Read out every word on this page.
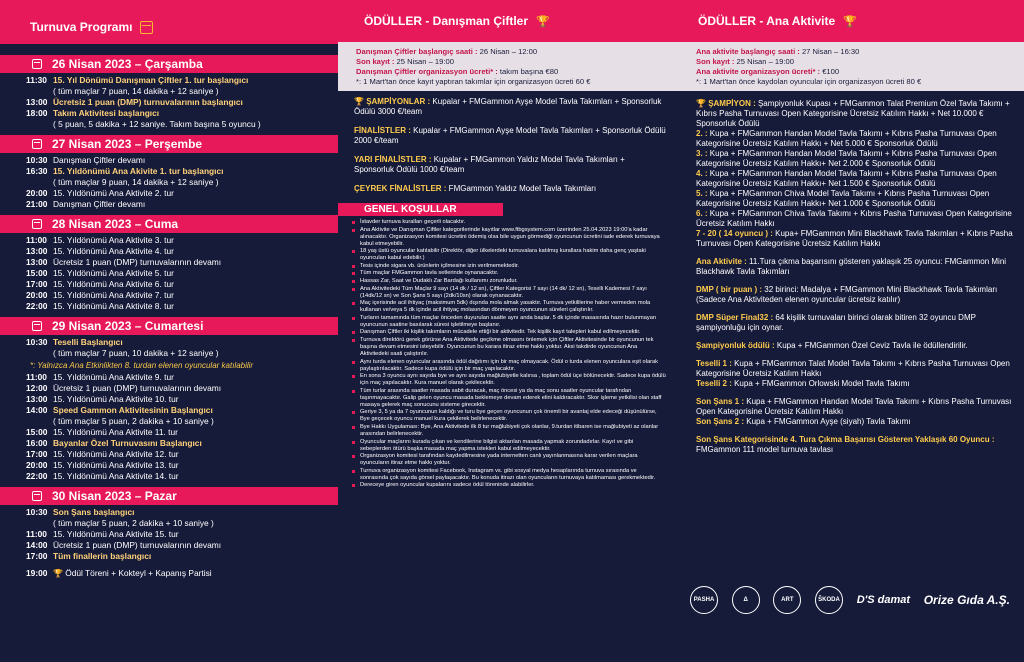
Turnuva Programı
26 Nisan 2023 – Çarşamba
11:30 15. Yıl Dönümü Danışman Çiftler 1. tur başlangıcı
( tüm maçlar 7 puan, 14 dakika + 12 saniye )
13:00 Ücretsiz 1 puan (DMP) turnuvalarının başlangıcı
18:00 Takım Aktivitesi başlangıcı
( 5 puan, 5 dakika + 12 saniye. Takım başına 5 oyuncu )
27 Nisan 2023 – Perşembe
10:30 Danışman Çiftler devamı
16:30 15. Yıldönümü Ana Akivite 1. tur başlangıcı
( tüm maçlar 9 puan, 14 dakika + 12 saniye )
20:00 15. Yıldönümü Ana Aktivite 2. tur
21:00 Danışman Çiftler devamı
28 Nisan 2023 – Cuma
11:00 15. Yıldönümü Ana Aktivite 3. tur
13:00 15. Yıldönümü Ana Aktivite 4. tur
13:00 Ücretsiz 1 puan (DMP) turnuvalarının devamı
15:00 15. Yıldönümü Ana Aktivite 5. tur
17:00 15. Yıldönümü Ana Aktivite 6. tur
20:00 15. Yıldönümü Ana Aktivite 7. tur
22:00 15. Yıldönümü Ana Aktivite 8. tur
29 Nisan 2023 – Cumartesi
10:30 Teselli Başlangıcı
( tüm maçlar 7 puan, 10 dakika + 12 saniye )
*: Yalnızca Ana Etkinlikten 8. turdan elenen oyuncular katılabilir
11:00 15. Yıldönümü Ana Aktivite 9. tur
12:00 Ücretsiz 1 puan (DMP) turnuvalarının devamı
13:00 15. Yıldönümü Ana Aktivite 10. tur
14:00 Speed Gammon Aktivitesinin Başlangıcı
( tüm maçlar 5 puan, 2 dakika + 10 saniye )
15:00 15. Yıldönümü Ana Aktivite 11. tur
16:00 Bayanlar Özel Turnuvasını Başlangıcı
17:00 15. Yıldönümü Ana Aktivite 12. tur
20:00 15. Yıldönümü Ana Aktivite 13. tur
22:00 15. Yıldönümü Ana Aktivite 14. tur
30 Nisan 2023 – Pazar
10:30 Son Şans başlangıcı
( tüm maçlar 5 puan, 2 dakika + 10 saniye )
11:00 15. Yıldönümü Ana Aktivite 15. tur
14:00 Ücretsiz 1 puan (DMP) turnuvalarının devamı
17:00 Tüm finallerin başlangıcı
19:00 🏆 Ödül Töreni + Kokteyl + Kapanış Partisi
ÖDÜLLER - Danışman Çiftler 🏆
Danışman Çiftler başlangıç saati : 26 Nisan – 12:00
Son kayıt : 25 Nisan – 19:00
Danışman Çiftler organizasyon ücreti* : takım başına €80
*: 1 Mart'tan önce kayıt yaptıran takımlar için organizasyon ücreti 60 €
🏆 ŞAMPİYONLAR : Kupalar + FMGammon Ayşe Model Tavla Takımları + Sponsorluk Ödülü 3000 €/team
FİNALİSTLER : Kupalar + FMGammon Ayşe Model Tavla Takımları + Sponsorluk Ödülü 2000 €/team
YARI FİNALİSTLER : Kupalar + FMGammon Yaldız Model Tavla Takımları + Sponsorluk Ödülü 1000 €/team
ÇEYREK FİNALİSTLER : FMGammon Yaldız Model Tavla Takımları
GENEL KOŞULLAR
İstavder turnuva kuralları geçerli olacaktır.
Ana Aktivite ve Danışman Çiftler kategorilerinde kayıtlar www.ftbgsystem.com üzerinden 25.04.2023 19:00'a kadar alınacaktır. Organizasyon komitesi ücretini ödemiş olsa bile uygun görmediği oyuncunun ücretini iade ederek turnuvaya kabul etmeyebilir.
18 yaş üstü oyuncular katılabilir (Direktör, diğer ülkelerdeki turnuvalara katılmış kurallara hakim daha genç yaştaki oyuncuları kabul edebilir.)
Tesis içinde sigara vb. ürünlerin içilmesine izin verilmemektedir.
Tüm maçlar FMGammon tavla setlerinde oynanacaktır.
Hassas Zar, Saat ve Dudaklı Zar Bardağı kullanımı zorunludur.
Ana Aktivitedeki Tüm Maçlar 9 sayı (14 dk / 12 sn), Çiftler Kategorisi 7 sayı (14 dk/ 12 sn), Teselli Kademesi 7 sayı (14dk/12 sn) ve Son Şans 5 sayı (2dk/10sn) olarak oynanacaktır.
Maç içerisinde acil ihtiyaç (maksimum 5dk) dışında mola almak yasaktır. Turnuva yetkililerine haber vermeden mola kullanan ve/veya 5 dk içinde acil ihtiyaç molasından dönmeyen oyuncunun süreleri çalıştırılır.
Turların tamamında tüm maçlar önceden duyurulan saatte aynı anda başlar. 5 dk içinde masasında hazır bulunmayan oyuncunun saatine basılarak süresi işletilmeye başlanır.
Danışman Çiftler iki kişilik takımların mücadele ettiği bir aktivitedir. Tek kişilik kayıt talepleri kabul edilmeyecektir.
Turnuva direktörü gerek görürse Ana Aktivitede geçikme olmasını önlemek için Çiftler Aktivitesinde bir oyuncunun tek başına devam etmesini isteyebilir. Oyuncunun bu karara itiraz etme hakkı yoktur. Aksi takdirde oyuncunun Ana Aktivitedeki saati çalıştırılır.
Aynı turda elenen oyuncular arasında ödül dağıtımı için bir maç olmayacak. Ödül o turda elenen oyunculara eşit olarak paylaştırılacaktır. Sadece kupa ödülü için bir maç yapılacaktır.
En sona 3 oyuncu aynı sayıda bye ve aynı sayıda mağlubiyetle kalırsa , toplam ödül üçe bölünecektir. Sadece kupa ödülü için maç yapılacaktır. Kura manuel olarak çekilecektir.
Tüm turlar arasında saatler masada sabit duracak, maç öncesi ya da maç sonu saatler oyuncular tarafından taşınmayacaktır. Galip gelen oyuncu masada beklemeye devam ederek elini kaldıracaktır. Skor işleme yetkilisi olan staff masaya gelerek maç sonucunu sisteme girecektir.
Geriye 3, 5 ya da 7 oyuncunun kaldığı ve turu bye geçen oyuncunun çok önemli bir avantaj elde edeceği düşünülürse, Bye geçecek oyuncu manuel kura çekilerek belirlenecektir.
Bye Hakkı Uygulaması: Bye, Ana Aktivitede ilk 8 tur mağlubiyeti çok olanlar, 9.turdan itibaren ise mağlubiyeti az olanlar arasından belirlenecektir.
Oyuncular maçlarını kurada çıkan ve kendilerine bilgisi aktarılan masada yapmak zorundadırlar. Kayıt ve gibi sebeplerden ötürü başka masada maç yapma istekleri kabul edilmeyecektir.
Organizasyon komitesi tarafından kaydedilmesine yada internetten canlı yayınlanmasına karar verilen maçlara oyuncuların itiraz etme hakkı yoktur.
Turnuva organizasyon komitesi Facebook, Instagram vs. gibi sosyal medya hesaplarında turnuva sırasında ve sonrasında çok sayıda görsel paylaşacaktır. Bu konuda itirazı olan oyuncuların turnuvaya katılmaması gerekmektedir.
Dereceye giren oyuncular kupalarını sadece ödül töreninde alabilirler.
ÖDÜLLER - Ana Aktivite 🏆
Ana aktivite başlangıç saati : 27 Nisan – 16:30
Son kayıt : 25 Nisan – 19:00
Ana aktivite organizasyon ücreti* : €100
*: 1 Mart'tan önce kaydolan oyuncular için organizasyon ücreti 80 €
🏆 ŞAMPİYON : Şampiyonluk Kupası + FMGammon Talat Premium Özel Tavla Takımı + Kıbrıs Pasha Turnuvası Open Kategorisine Ücretsiz Katılım Hakkı + Net 10.000 € Sponsorluk Ödülü
2. : Kupa + FMGammon Handan Model Tavla Takımı + Kıbrıs Pasha Turnuvası Open Kategorisine Ücretsiz Katılım Hakkı + Net 5.000 € Sponsorluk Ödülü
3. : Kupa + FMGammon Handan Model Tavla Takımı + Kıbrıs Pasha Turnuvası Open Kategorisine Ücretsiz Katılım Hakkı+ Net 2.000 € Sponsorluk Ödülü
4. : Kupa + FMGammon Handan Model Tavla Takımı + Kıbrıs Pasha Turnuvası Open Kategorisine Ücretsiz Katılım Hakkı+ Net 1.500 € Sponsorluk Ödülü
5. : Kupa + FMGammon Chiva Model Tavla Takımı + Kıbrıs Pasha Turnuvası Open Kategorisine Ücretsiz Katılım Hakkı+ Net 1.000 € Sponsorluk Ödülü
6. : Kupa + FMGammon Chiva Tavla Takımı + Kıbrıs Pasha Turnuvası Open Kategorisine Ücretsiz Katılım Hakkı
7 - 20 ( 14 oyuncu ) : Kupa+ FMGammon Mini Blackhawk Tavla Takımları + Kıbrıs Pasha Turnuvası Open Kategorisine Ücretsiz Katılım Hakkı

Ana Aktivite : 11.Tura çıkma başarısını gösteren yaklaşık 25 oyuncu: FMGammon Mini Blackhawk Tavla Takımları

DMP ( bir puan ) : 32 birinci: Madalya + FMGammon Mini Blackhawk Tavla Takımları (Sadece Ana Aktiviteden elenen oyuncular ücretsiz katılır)

DMP Süper Final32 : 64 kişilik turnuvaları birinci olarak bitiren 32 oyuncu DMP şampiyonluğu için oynar.

Şampiyonluk ödülü : Kupa + FMGammon Özel Ceviz Tavla ile ödüllendirilir.

Teselli 1 : Kupa + FMGammon Talat Model Tavla Takımı + Kıbrıs Pasha Turnuvası Open Kategorisine Ücretsiz Katılım Hakkı
Teselli 2 : Kupa + FMGammon Orlowski Model Tavla Takımı

Son Şans 1 : Kupa + FMGammon Handan Model Tavla Takımı + Kıbrıs Pasha Turnuvası Open Kategorisine Ücretsiz Katılım Hakkı
Son Şans 2 : Kupa + FMGammon Ayşe (siyah) Tavla Takımı

Son Şans Kategorisinde 4. Tura Çıkma Başarısı Gösteren Yaklaşık 60 Oyuncu : FMGammon 111 model turnuva tavlası

PASHA	Δ	ART	ŠKODA D'S damat Orize Gıda A.Ş.
